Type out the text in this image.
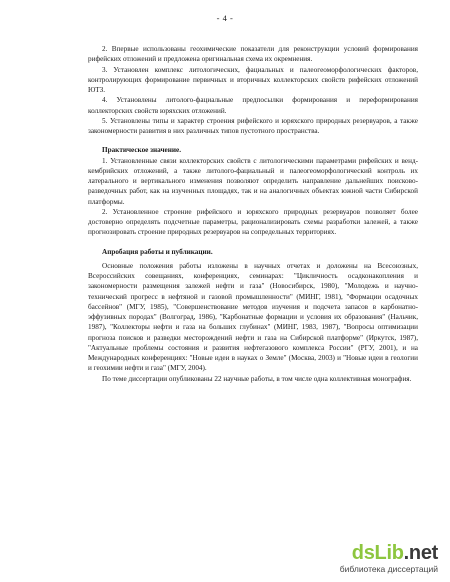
- 4 -

2. Впервые использованы геохимические показатели для реконструкции условий формирования рифейских отложений и предложена оригинальная схема их окремнения.

3. Установлен комплекс литологических, фациальных и палеогеоморфологических факторов, контролирующих формирование первичных и вторичных коллекторских свойств рифейских отложений ЮТЗ.

4. Установлены литолого-фациальные предпосылки формирования и переформирования коллекторских свойств юряхских отложений.

5. Установлены типы и характер строения рифейского и юряхского природных резервуаров, а также закономерности развития в них различных типов пустотного пространства.

Практическое значение.

1. Установленные связи коллекторских свойств с литологическими параметрами рифейских и венд-кембрийских отложений, а также литолого-фациальный и палеогеоморфологический контроль их латерального и вертикального изменения позволяют определить направление дальнейших поисково-разведочных работ, как на изученных площадях, так и на аналогичных объектах южной части Сибирской платформы.

2. Установленное строение рифейского и юряхского природных резервуаров позволяет более достоверно определять подсчетные параметры, рационализировать схемы разработки залежей, а также прогнозировать строение природных резервуаров на сопредельных территориях.

Апробация работы и публикации.

Основные положения работы изложены в научных отчетах и доложены на Всесоюзных, Всероссийских совещаниях, конференциях, семинарах: "Цикличность осадконакопления и закономерности размещения залежей нефти и газа" (Новосибирск, 1980), "Молодежь и научно-технический прогресс в нефтяной и газовой промышленности" (МИНГ, 1981), "Формации осадочных бассейнов" (МГУ, 1985), "Совершенствование методов изучения и подсчета запасов в карбонатно-эффузивных породах" (Волгоград, 1986), "Карбонатные формации и условия их образования" (Нальчик, 1987), "Коллекторы нефти и газа на больших глубинах" (МИНГ, 1983, 1987), "Вопросы оптимизации прогноза поисков и разведки месторождений нефти и газа на Сибирской платформе" (Иркутск, 1987), "Актуальные проблемы состояния и развития нефтегазового комплекса России" (РГУ, 2001), и на Международных конференциях: "Новые идеи в науках о Земле" (Москва, 2003) и "Новые идеи в геологии и геохимии нефти и газа" (МГУ, 2004).

По теме диссертации опубликованы 22 научные работы, в том числе одна коллективная монография.

dsLib.net
библиотека диссертаций
